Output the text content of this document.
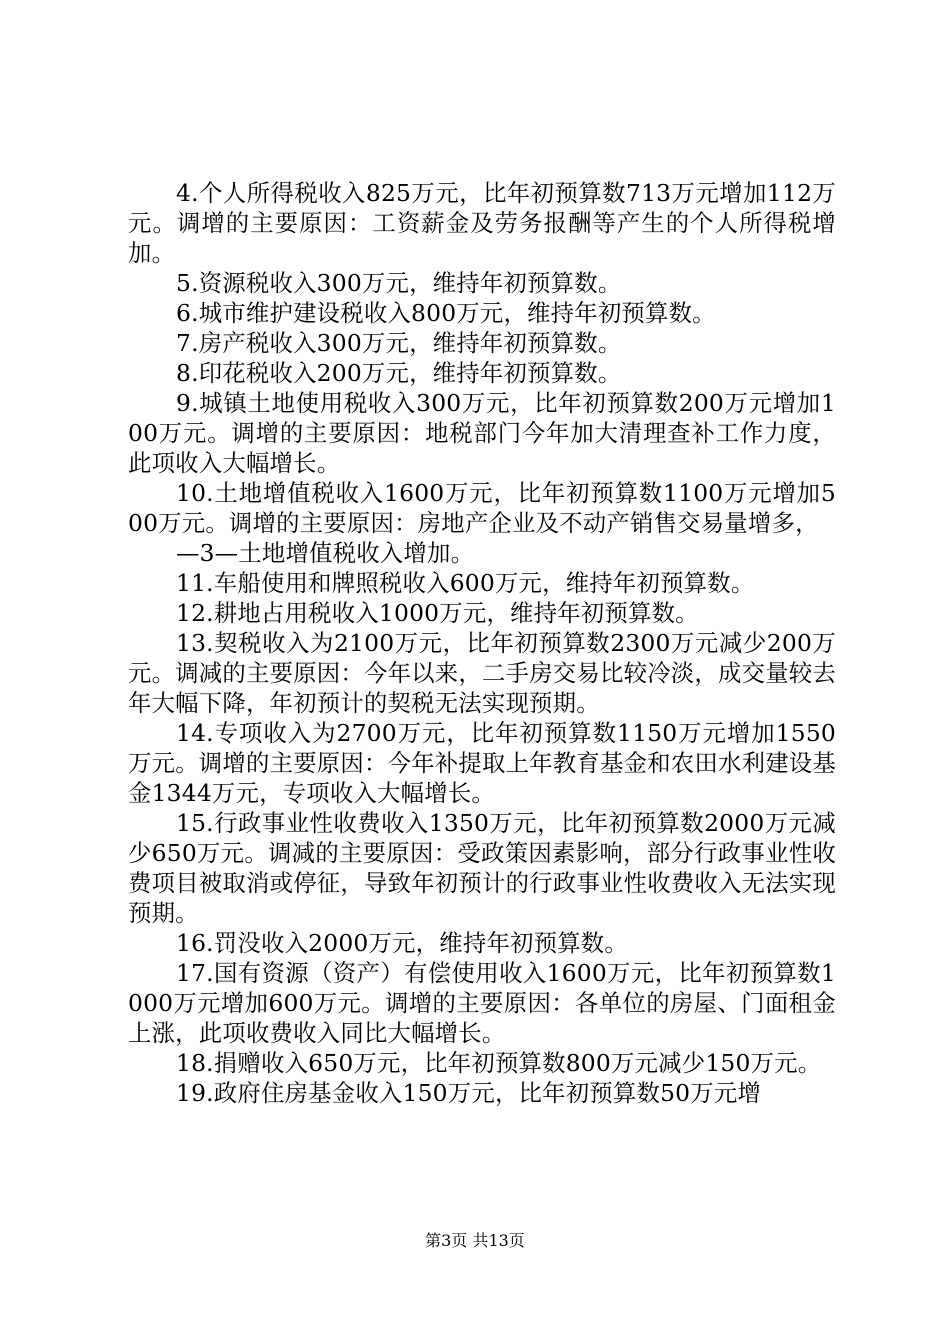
4.个人所得税收入825万元，比年初预算数713万元增加112万元。调增的主要原因：工资薪金及劳务报酬等产生的个人所得税增加。

5.资源税收入300万元，维持年初预算数。

6.城市维护建设税收入800万元，维持年初预算数。

7.房产税收入300万元，维持年初预算数。

8.印花税收入200万元，维持年初预算数。

9.城镇土地使用税收入300万元，比年初预算数200万元增加100万元。调增的主要原因：地税部门今年加大清理查补工作力度，此项收入大幅增长。

10.土地增值税收入1600万元，比年初预算数1100万元增加500万元。调增的主要原因：房地产企业及不动产销售交易量增多，

—3—土地增值税收入增加。

11.车船使用和牌照税收入600万元，维持年初预算数。

12.耕地占用税收入1000万元，维持年初预算数。

13.契税收入为2100万元，比年初预算数2300万元减少200万元。调减的主要原因：今年以来，二手房交易比较冷淡，成交量较去年大幅下降，年初预计的契税无法实现预期。

14.专项收入为2700万元，比年初预算数1150万元增加1550万元。调增的主要原因：今年补提取上年教育基金和农田水利建设基金1344万元，专项收入大幅增长。

15.行政事业性收费收入1350万元，比年初预算数2000万元减少650万元。调减的主要原因：受政策因素影响，部分行政事业性收费项目被取消或停征，导致年初预计的行政事业性收费收入无法实现预期。

16.罚没收入2000万元，维持年初预算数。

17.国有资源（资产）有偿使用收入1600万元，比年初预算数1000万元增加600万元。调增的主要原因：各单位的房屋、门面租金上涨，此项收费收入同比大幅增长。

18.捐赠收入650万元，比年初预算数800万元减少150万元。

19.政府住房基金收入150万元，比年初预算数50万元增

第3页 共13页
